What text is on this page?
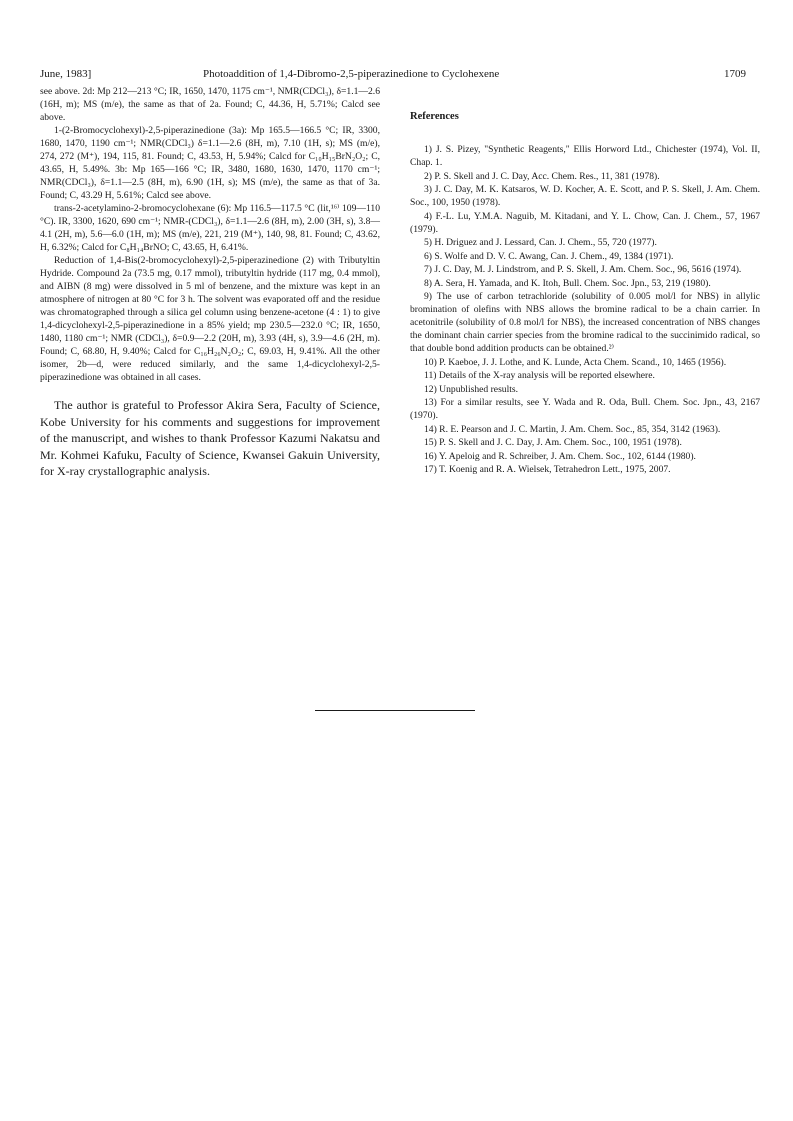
June, 1983]	Photoaddition of 1,4-Dibromo-2,5-piperazinedione to Cyclohexene	1709

see above. 2d: Mp 212—213 °C; IR, 1650, 1470, 1175 cm⁻¹, NMR(CDCl₃), δ=1.1—2.6 (16H, m); MS (m/e), the same as that of 2a. Found; C, 44.36, H, 5.71%; Calcd see above.

1-(2-Bromocyclohexyl)-2,5-piperazinedione (3a): Mp 165.5—166.5 °C; IR, 3300, 1680, 1470, 1190 cm⁻¹; NMR(CDCl₃) δ=1.1—2.6 (8H, m), 7.10 (1H, s); MS (m/e), 274, 272 (M⁺), 194, 115, 81. Found; C, 43.53, H, 5.94%; Calcd for C₁₀H₁₅BrN₂O₂; C, 43.65, H, 5.49%. 3b: Mp 165—166 °C; IR, 3480, 1680, 1630, 1470, 1170 cm⁻¹; NMR(CDCl₃), δ=1.1—2.5 (8H, m), 6.90 (1H, s); MS (m/e), the same as that of 3a. Found; C, 43.29 H, 5.61%; Calcd see above.

trans-2-acetylamino-2-bromocyclohexane (6): Mp 116.5—117.5 °C (lit,¹⁶⁾ 109—110 °C). IR, 3300, 1620, 690 cm⁻¹; NMR-(CDCl₃), δ=1.1—2.6 (8H, m), 2.00 (3H, s), 3.8—4.1 (2H, m), 5.6—6.0 (1H, m); MS (m/e), 221, 219 (M⁺), 140, 98, 81. Found; C, 43.62, H, 6.32%; Calcd for C₈H₁₄BrNO; C, 43.65, H, 6.41%.

Reduction of 1,4-Bis(2-bromocyclohexyl)-2,5-piperazinedione (2) with Tributyltin Hydride. Compound 2a (73.5 mg, 0.17 mmol), tributyltin hydride (117 mg, 0.4 mmol), and AIBN (8 mg) were dissolved in 5 ml of benzene, and the mixture was kept in an atmosphere of nitrogen at 80 °C for 3 h. The solvent was evaporated off and the residue was chromatographed through a silica gel column using benzene-acetone (4 : 1) to give 1,4-dicyclohexyl-2,5-piperazinedione in a 85% yield; mp 230.5—232.0 °C; IR, 1650, 1480, 1180 cm⁻¹; NMR (CDCl₃), δ=0.9—2.2 (20H, m), 3.93 (4H, s), 3.9—4.6 (2H, m). Found; C, 68.80, H, 9.40%; Calcd for C₁₆H₂₆N₂O₂; C, 69.03, H, 9.41%. All the other isomer, 2b—d, were reduced similarly, and the same 1,4-dicyclohexyl-2,5-piperazinedione was obtained in all cases.

The author is grateful to Professor Akira Sera, Faculty of Science, Kobe University for his comments and suggestions for improvement of the manuscript, and wishes to thank Professor Kazumi Nakatsu and Mr. Kohmei Kafuku, Faculty of Science, Kwansei Gakuin University, for X-ray crystallographic analysis.

References

1) J. S. Pizey, "Synthetic Reagents," Ellis Horword Ltd., Chichester (1974), Vol. II, Chap. 1.

2) P. S. Skell and J. C. Day, Acc. Chem. Res., 11, 381 (1978).

3) J. C. Day, M. K. Katsaros, W. D. Kocher, A. E. Scott, and P. S. Skell, J. Am. Chem. Soc., 100, 1950 (1978).

4) F.-L. Lu, Y.M.A. Naguib, M. Kitadani, and Y. L. Chow, Can. J. Chem., 57, 1967 (1979).

5) H. Driguez and J. Lessard, Can. J. Chem., 55, 720 (1977).

6) S. Wolfe and D. V. C. Awang, Can. J. Chem., 49, 1384 (1971).

7) J. C. Day, M. J. Lindstrom, and P. S. Skell, J. Am. Chem. Soc., 96, 5616 (1974).

8) A. Sera, H. Yamada, and K. Itoh, Bull. Chem. Soc. Jpn., 53, 219 (1980).

9) The use of carbon tetrachloride (solubility of 0.005 mol/l for NBS) in allylic bromination of olefins with NBS allows the bromine radical to be a chain carrier. In acetonitrile (solubility of 0.8 mol/l for NBS), the increased concentration of NBS changes the dominant chain carrier species from the bromine radical to the succinimido radical, so that double bond addition products can be obtained.²⁾

10) P. Kaeboe, J. J. Lothe, and K. Lunde, Acta Chem. Scand., 10, 1465 (1956).

11) Details of the X-ray analysis will be reported elsewhere.

12) Unpublished results.

13) For a similar results, see Y. Wada and R. Oda, Bull. Chem. Soc. Jpn., 43, 2167 (1970).

14) R. E. Pearson and J. C. Martin, J. Am. Chem. Soc., 85, 354, 3142 (1963).

15) P. S. Skell and J. C. Day, J. Am. Chem. Soc., 100, 1951 (1978).

16) Y. Apeloig and R. Schreiber, J. Am. Chem. Soc., 102, 6144 (1980).

17) T. Koenig and R. A. Wielsek, Tetrahedron Lett., 1975, 2007.
